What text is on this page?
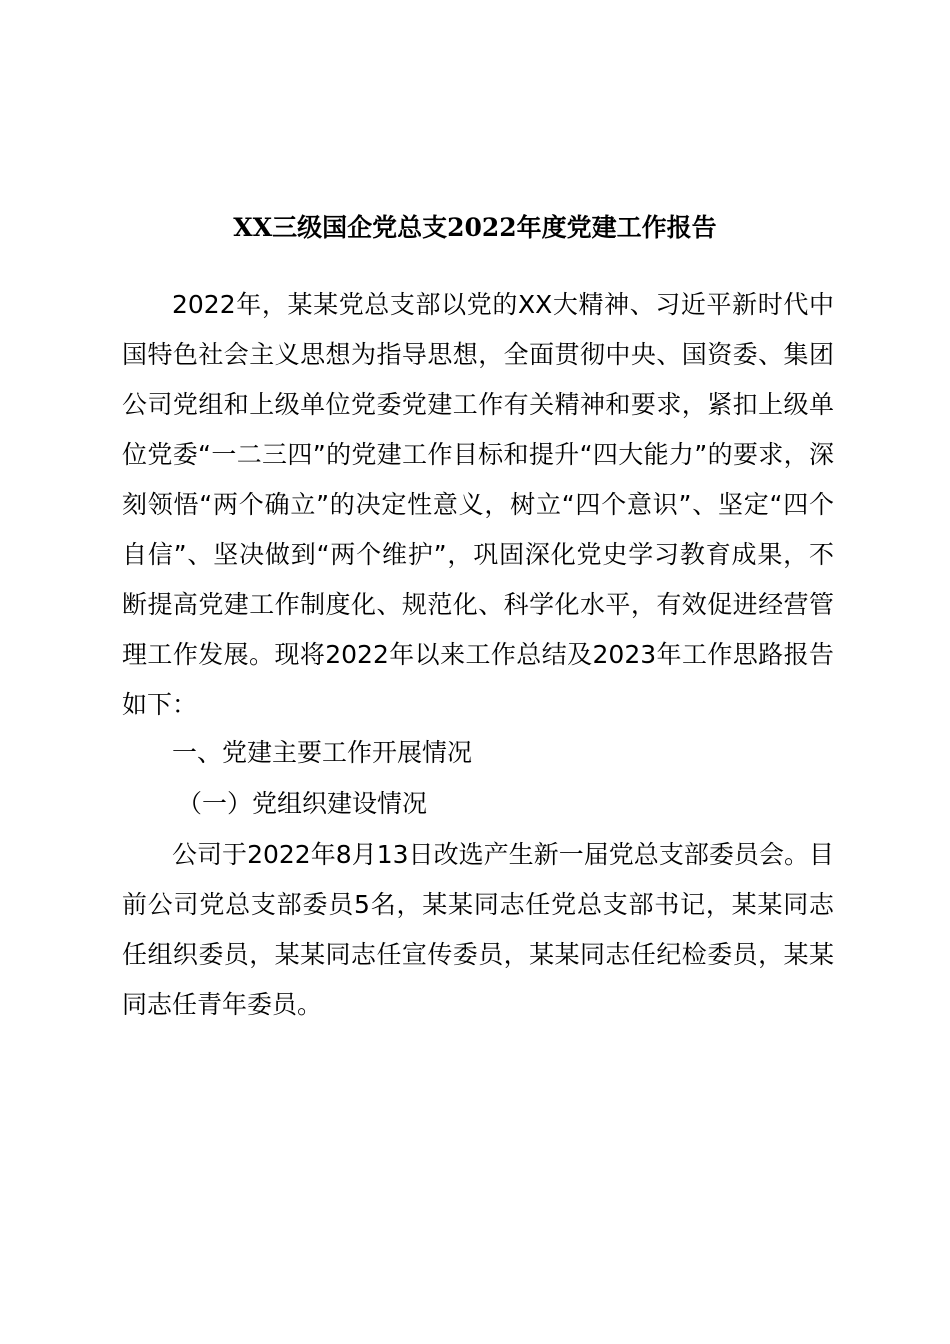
XX三级国企党总支2022年度党建工作报告

2022年，某某党总支部以党的XX大精神、习近平新时代中国特色社会主义思想为指导思想，全面贯彻中央、国资委、集团公司党组和上级单位党委党建工作有关精神和要求，紧扣上级单位党委“一二三四”的党建工作目标和提升“四大能力”的要求，深刻领悟“两个确立”的决定性意义，树立“四个意识”、坚定“四个自信”、坚决做到“两个维护”，巩固深化党史学习教育成果，不断提高党建工作制度化、规范化、科学化水平，有效促进经营管理工作发展。现将2022年以来工作总结及2023年工作思路报告如下：

一、党建主要工作开展情况

（一）党组织建设情况

公司于2022年8月13日改选产生新一届党总支部委员会。目前公司党总支部委员5名，某某同志任党总支部书记，某某同志任组织委员，某某同志任宣传委员，某某同志任纪检委员，某某同志任青年委员。
